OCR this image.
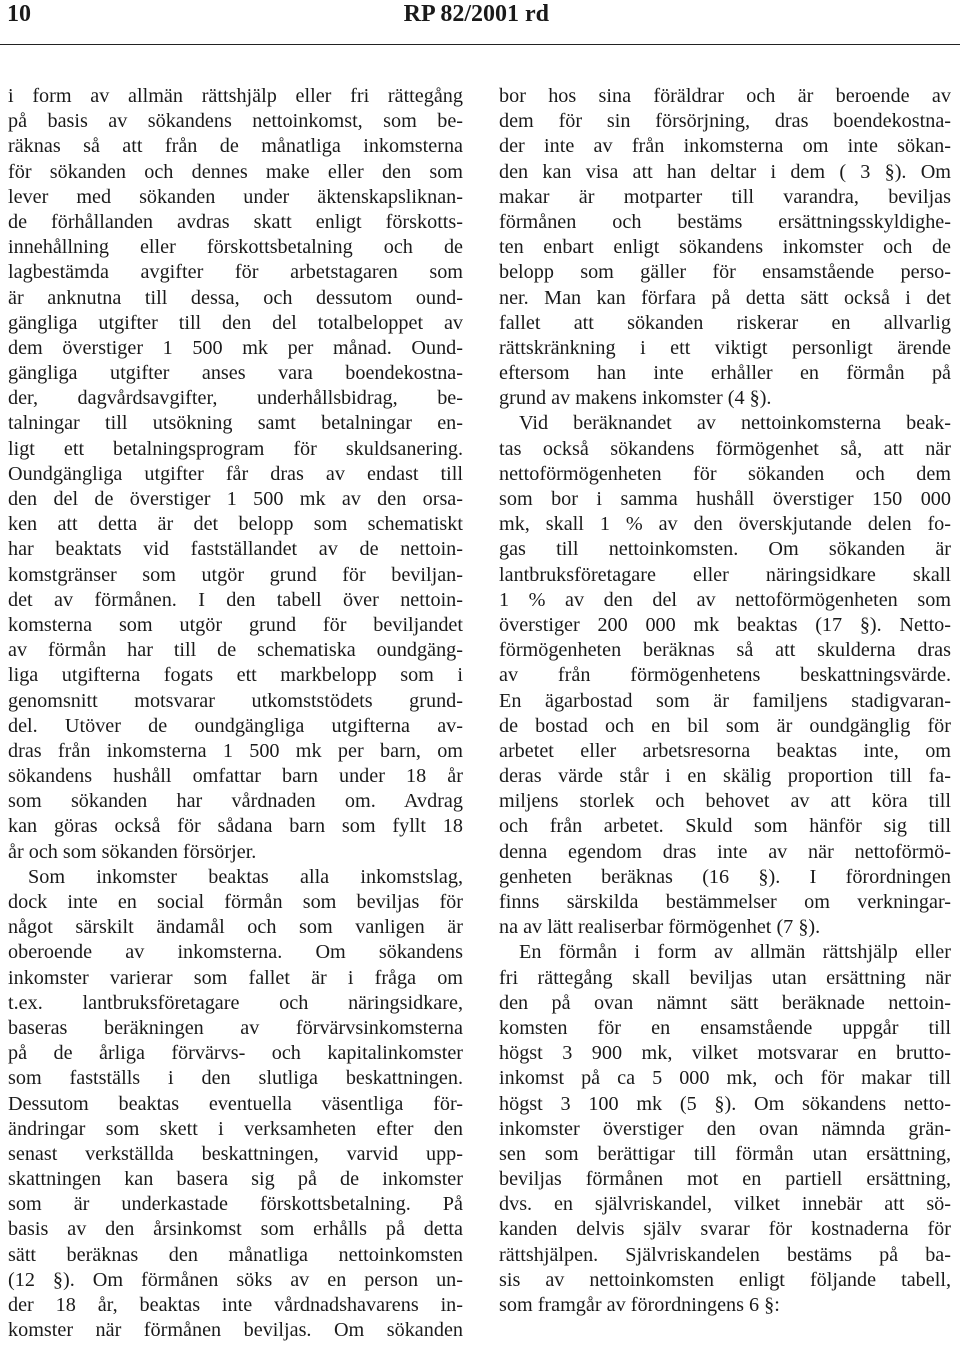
10	RP 82/2001 rd
i form av allmän rättshjälp eller fri rättegång
på basis av sökandens nettoinkomst, som be-
räknas så att från de månatliga inkomsterna
för sökanden och dennes make eller den som
lever med sökanden under äktenskapsliknan-
de förhållanden avdras skatt enligt förskotts-
innehållning eller förskottsbetalning och de
lagbestämda avgifter för arbetstagaren som
är anknutna till dessa, och dessutom ound-
gängliga utgifter till den del totalbeloppet av
dem överstiger 1 500 mk per månad. Ound-
gängliga utgifter anses vara boendekostna-
der, dagvårdsavgifter, underhållsbidrag, be-
talningar till utsökning samt betalningar en-
ligt ett betalningsprogram för skuldsanering.
Oundgängliga utgifter får dras av endast till
den del de överstiger 1 500 mk av den orsa-
ken att detta är det belopp som schematiskt
har beaktats vid fastställandet av de nettoin-
komstgränser som utgör grund för beviljan-
det av förmånen. I den tabell över nettoin-
komsterna som utgör grund för beviljandet
av förmån har till de schematiska oundgäng-
liga utgifterna fogats ett markbelopp som i
genomsnitt motsvarar utkomststödets grund-
del. Utöver de oundgängliga utgifterna av-
dras från inkomsterna 1 500 mk per barn, om
sökandens hushåll omfattar barn under 18 år
som sökanden har vårdnaden om. Avdrag
kan göras också för sådana barn som fyllt 18
år och som sökanden försörjer.
Som inkomster beaktas alla inkomstslag,
dock inte en social förmån som beviljas för
något särskilt ändamål och som vanligen är
oberoende av inkomsterna. Om sökandens
inkomster varierar som fallet är i fråga om
t.ex. lantbruksföretagare och näringsidkare,
baseras beräkningen av förvärvsinkomsterna
på de årliga förvärvs- och kapitalinkomster
som fastställs i den slutliga beskattningen.
Dessutom beaktas eventuella väsentliga för-
ändringar som skett i verksamheten efter den
senast verkställda beskattningen, varvid upp-
skattningen kan basera sig på de inkomster
som är underkastade förskottsbetalning. På
basis av den årsinkomst som erhålls på detta
sätt beräknas den månatliga nettoinkomsten
(12 §). Om förmånen söks av en person un-
der 18 år, beaktas inte vårdnadshavarens in-
komster när förmånen beviljas. Om sökanden
bor hos sina föräldrar och är beroende av
dem för sin försörjning, dras boendekostna-
der inte av från inkomsterna om inte sökan-
den kan visa att han deltar i dem ( 3 §). Om
makar är motparter till varandra, beviljas
förmånen och bestäms ersättningsskyldighe-
ten enbart enligt sökandens inkomster och de
belopp som gäller för ensamstående perso-
ner. Man kan förfara på detta sätt också i det
fallet att sökanden riskerar en allvarlig
rättskränkning i ett viktigt personligt ärende
eftersom han inte erhåller en förmån på
grund av makens inkomster (4 §).
Vid beräknandet av nettoinkomsterna beak-
tas också sökandens förmögenhet så, att när
nettoförmögenheten för sökanden och dem
som bor i samma hushåll överstiger 150 000
mk, skall 1 % av den överskjutande delen fo-
gas till nettoinkomsten. Om sökanden är
lantbruksföretagare eller näringsidkare skall
1 % av den del av nettoförmögenheten som
överstiger 200 000 mk beaktas (17 §). Netto-
förmögenheten beräknas så att skulderna dras
av från förmögenhetens beskattningsvärde.
En ägarbostad som är familjens stadigvaran-
de bostad och en bil som är oundgänglig för
arbetet eller arbetsresorna beaktas inte, om
deras värde står i en skälig proportion till fa-
miljens storlek och behovet av att köra till
och från arbetet. Skuld som hänför sig till
denna egendom dras inte av när nettoförmö-
genheten beräknas (16 §). I förordningen
finns särskilda bestämmelser om verkningar-
na av lätt realiserbar förmögenhet (7 §).
En förmån i form av allmän rättshjälp eller
fri rättegång skall beviljas utan ersättning när
den på ovan nämnt sätt beräknade nettoin-
komsten för en ensamstående uppgår till
högst 3 900 mk, vilket motsvarar en brutto-
inkomst på ca 5 000 mk, och för makar till
högst 3 100 mk (5 §). Om sökandens netto-
inkomster överstiger den ovan nämnda grän-
sen som berättigar till förmån utan ersättning,
beviljas förmånen mot en partiell ersättning,
dvs. en självriskandel, vilket innebär att sö-
kanden delvis själv svarar för kostnaderna för
rättshjälpen. Självriskandelen bestäms på ba-
sis av nettoinkomsten enligt följande tabell,
som framgår av förordningens 6 §:
